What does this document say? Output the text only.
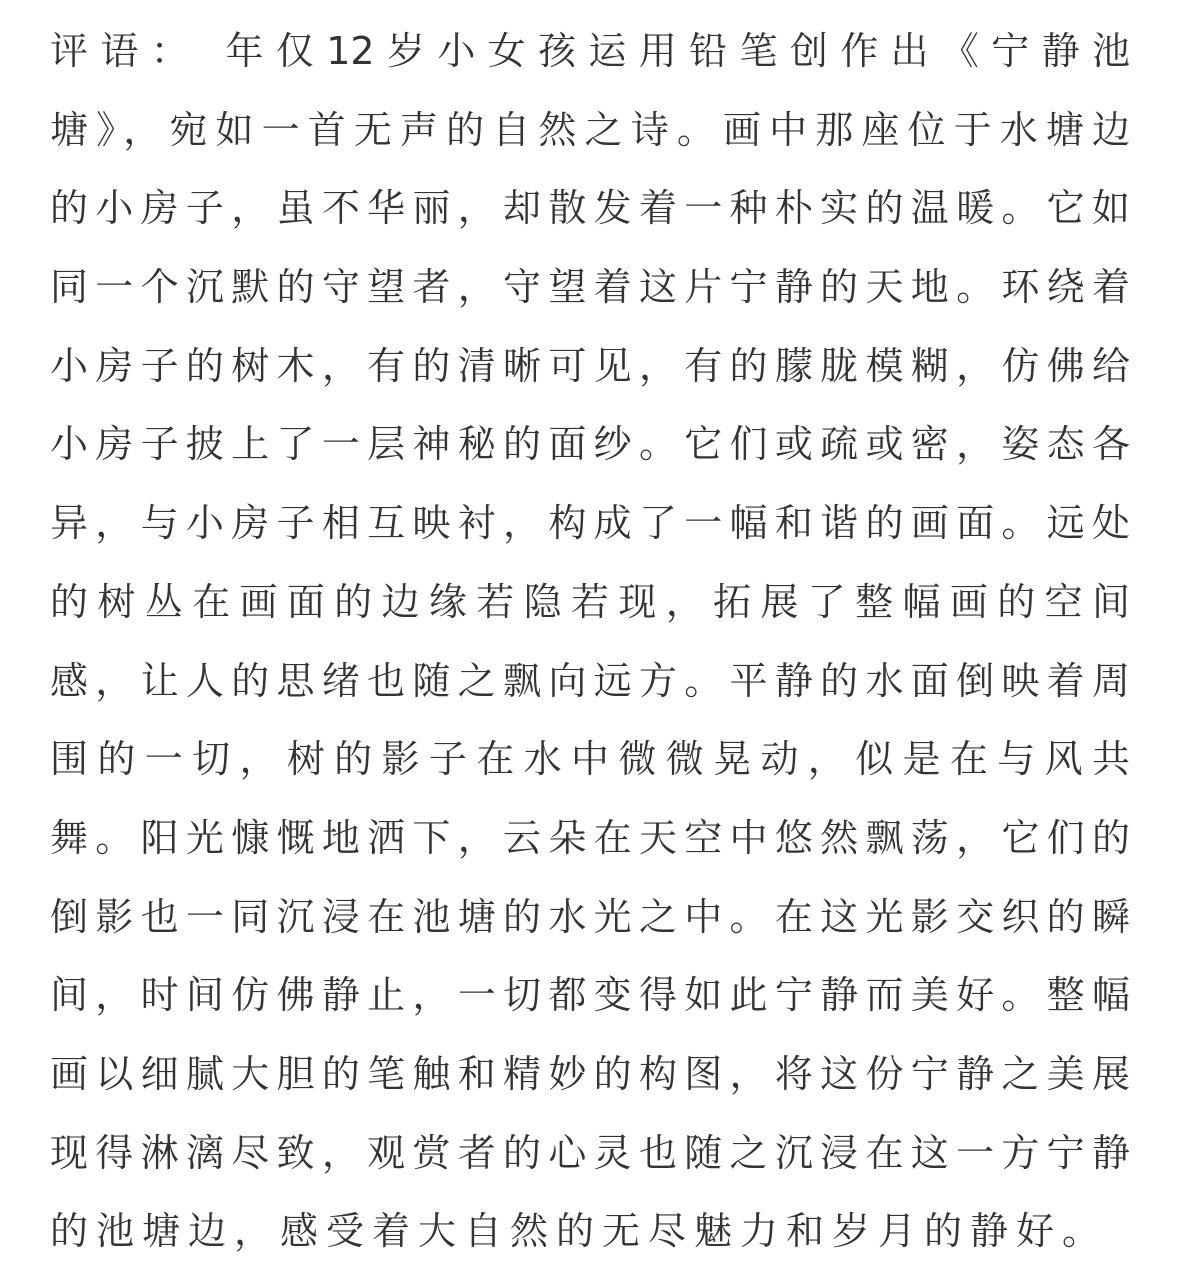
评语： 年仅12岁小女孩运用铅笔创作出《宁静池
塘》，宛如一首无声的自然之诗。画中那座位于水塘边
的小房子，虽不华丽，却散发着一种朴实的温暖。它如
同一个沉默的守望者，守望着这片宁静的天地。环绕着
小房子的树木，有的清晰可见，有的朦胧模糊，仿佛给
小房子披上了一层神秘的面纱。它们或疏或密，姿态各
异，与小房子相互映衬，构成了一幅和谐的画面。远处
的树丛在画面的边缘若隐若现，拓展了整幅画的空间
感，让人的思绪也随之飘向远方。平静的水面倒映着周
围的一切，树的影子在水中微微晃动，似是在与风共
舞。阳光慷慨地洒下，云朵在天空中悠然飘荡，它们的
倒影也一同沉浸在池塘的水光之中。在这光影交织的瞬
间，时间仿佛静止，一切都变得如此宁静而美好。整幅
画以细腻大胆的笔触和精妙的构图，将这份宁静之美展
现得淋漓尽致，观赏者的心灵也随之沉浸在这一方宁静
的池塘边，感受着大自然的无尽魅力和岁月的静好。
